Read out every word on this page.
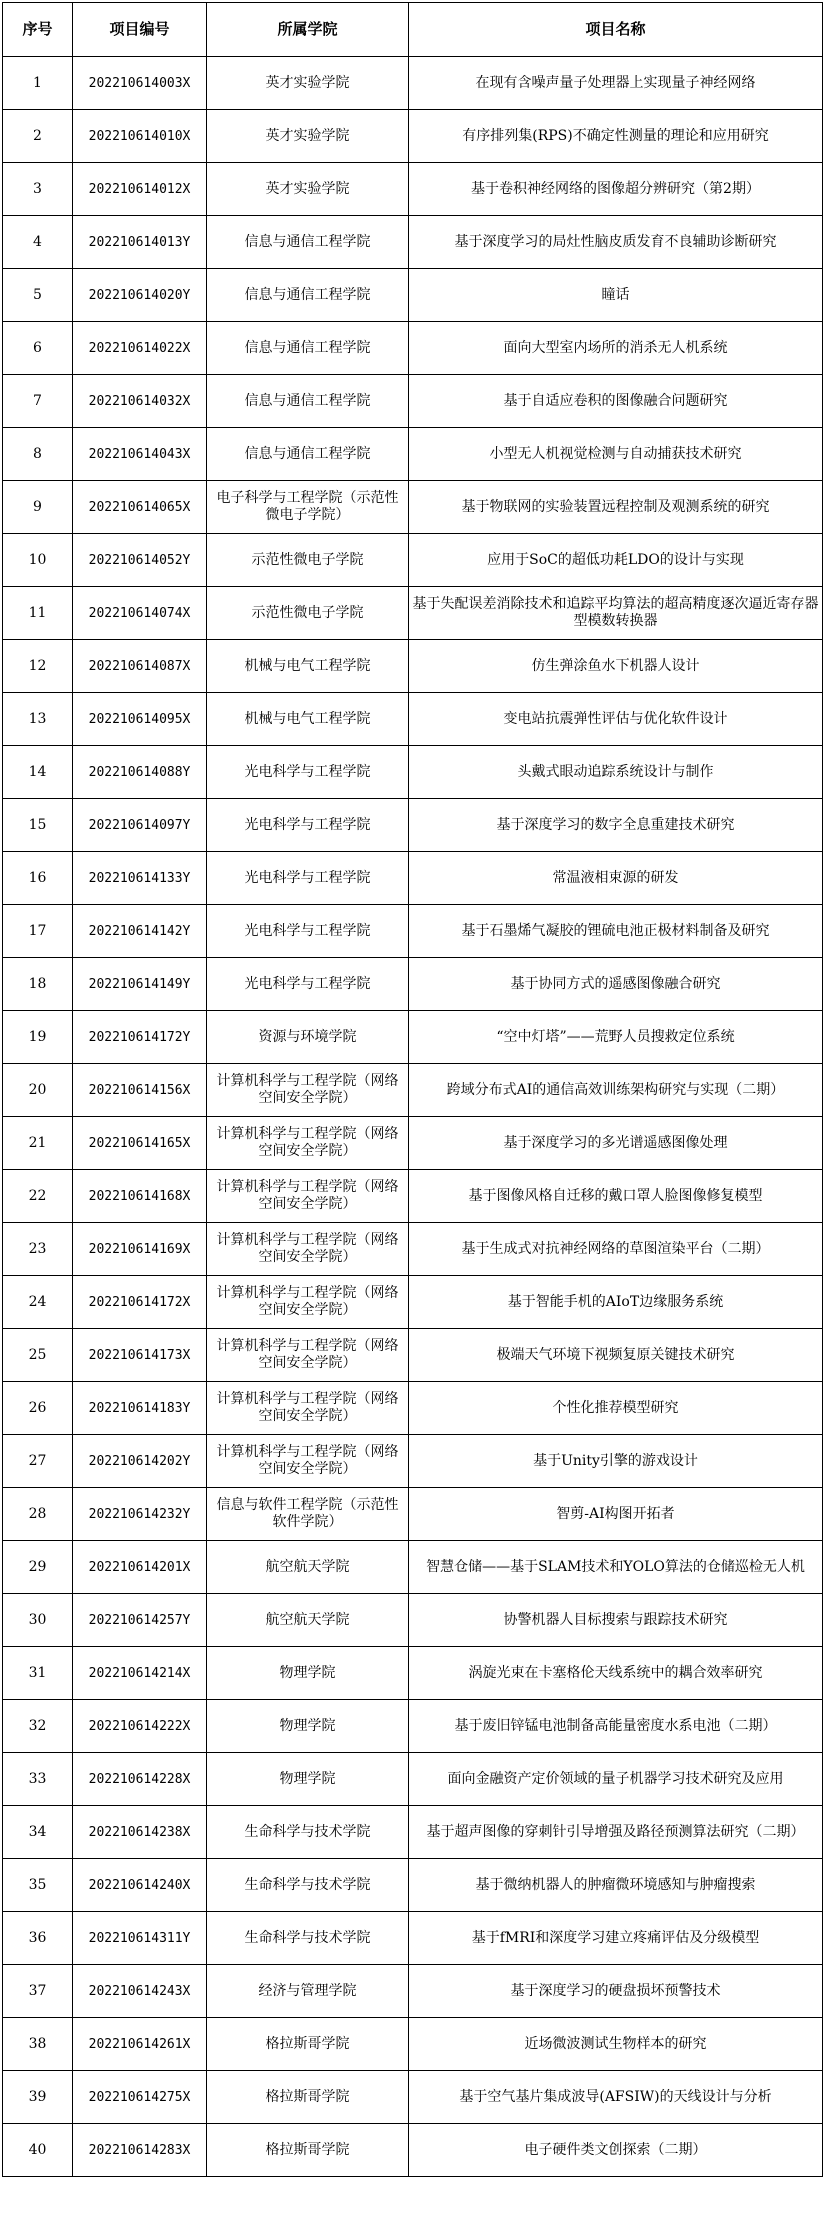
序号	项目编号	所属学院	项目名称
1	202210614003X	英才实验学院	在现有含噪声量子处理器上实现量子神经网络
2	202210614010X	英才实验学院	有序排列集(RPS)不确定性测量的理论和应用研究
3	202210614012X	英才实验学院	基于卷积神经网络的图像超分辨研究（第2期）
4	202210614013Y	信息与通信工程学院	基于深度学习的局灶性脑皮质发育不良辅助诊断研究
5	202210614020Y	信息与通信工程学院	瞳话
6	202210614022X	信息与通信工程学院	面向大型室内场所的消杀无人机系统
7	202210614032X	信息与通信工程学院	基于自适应卷积的图像融合问题研究
8	202210614043X	信息与通信工程学院	小型无人机视觉检测与自动捕获技术研究
9	202210614065X	电子科学与工程学院（示范性微电子学院）	基于物联网的实验装置远程控制及观测系统的研究
10	202210614052Y	示范性微电子学院	应用于SoC的超低功耗LDO的设计与实现
11	202210614074X	示范性微电子学院	基于失配误差消除技术和追踪平均算法的超高精度逐次逼近寄存器型模数转换器
12	202210614087X	机械与电气工程学院	仿生弹涂鱼水下机器人设计
13	202210614095X	机械与电气工程学院	变电站抗震弹性评估与优化软件设计
14	202210614088Y	光电科学与工程学院	头戴式眼动追踪系统设计与制作
15	202210614097Y	光电科学与工程学院	基于深度学习的数字全息重建技术研究
16	202210614133Y	光电科学与工程学院	常温液相束源的研发
17	202210614142Y	光电科学与工程学院	基于石墨烯气凝胶的锂硫电池正极材料制备及研究
18	202210614149Y	光电科学与工程学院	基于协同方式的遥感图像融合研究
19	202210614172Y	资源与环境学院	“空中灯塔”——荒野人员搜救定位系统
20	202210614156X	计算机科学与工程学院（网络空间安全学院）	跨域分布式AI的通信高效训练架构研究与实现（二期）
21	202210614165X	计算机科学与工程学院（网络空间安全学院）	基于深度学习的多光谱遥感图像处理
22	202210614168X	计算机科学与工程学院（网络空间安全学院）	基于图像风格自迁移的戴口罩人脸图像修复模型
23	202210614169X	计算机科学与工程学院（网络空间安全学院）	基于生成式对抗神经网络的草图渲染平台（二期）
24	202210614172X	计算机科学与工程学院（网络空间安全学院）	基于智能手机的AIoT边缘服务系统
25	202210614173X	计算机科学与工程学院（网络空间安全学院）	极端天气环境下视频复原关键技术研究
26	202210614183Y	计算机科学与工程学院（网络空间安全学院）	个性化推荐模型研究
27	202210614202Y	计算机科学与工程学院（网络空间安全学院）	基于Unity引擎的游戏设计
28	202210614232Y	信息与软件工程学院（示范性软件学院）	智剪-AI构图开拓者
29	202210614201X	航空航天学院	智慧仓储——基于SLAM技术和YOLO算法的仓储巡检无人机
30	202210614257Y	航空航天学院	协警机器人目标搜索与跟踪技术研究
31	202210614214X	物理学院	涡旋光束在卡塞格伦天线系统中的耦合效率研究
32	202210614222X	物理学院	基于废旧锌锰电池制备高能量密度水系电池（二期）
33	202210614228X	物理学院	面向金融资产定价领域的量子机器学习技术研究及应用
34	202210614238X	生命科学与技术学院	基于超声图像的穿刺针引导增强及路径预测算法研究（二期）
35	202210614240X	生命科学与技术学院	基于微纳机器人的肿瘤微环境感知与肿瘤搜索
36	202210614311Y	生命科学与技术学院	基于fMRI和深度学习建立疼痛评估及分级模型
37	202210614243X	经济与管理学院	基于深度学习的硬盘损坏预警技术
38	202210614261X	格拉斯哥学院	近场微波测试生物样本的研究
39	202210614275X	格拉斯哥学院	基于空气基片集成波导(AFSIW)的天线设计与分析
40	202210614283X	格拉斯哥学院	电子硬件类文创探索（二期）
